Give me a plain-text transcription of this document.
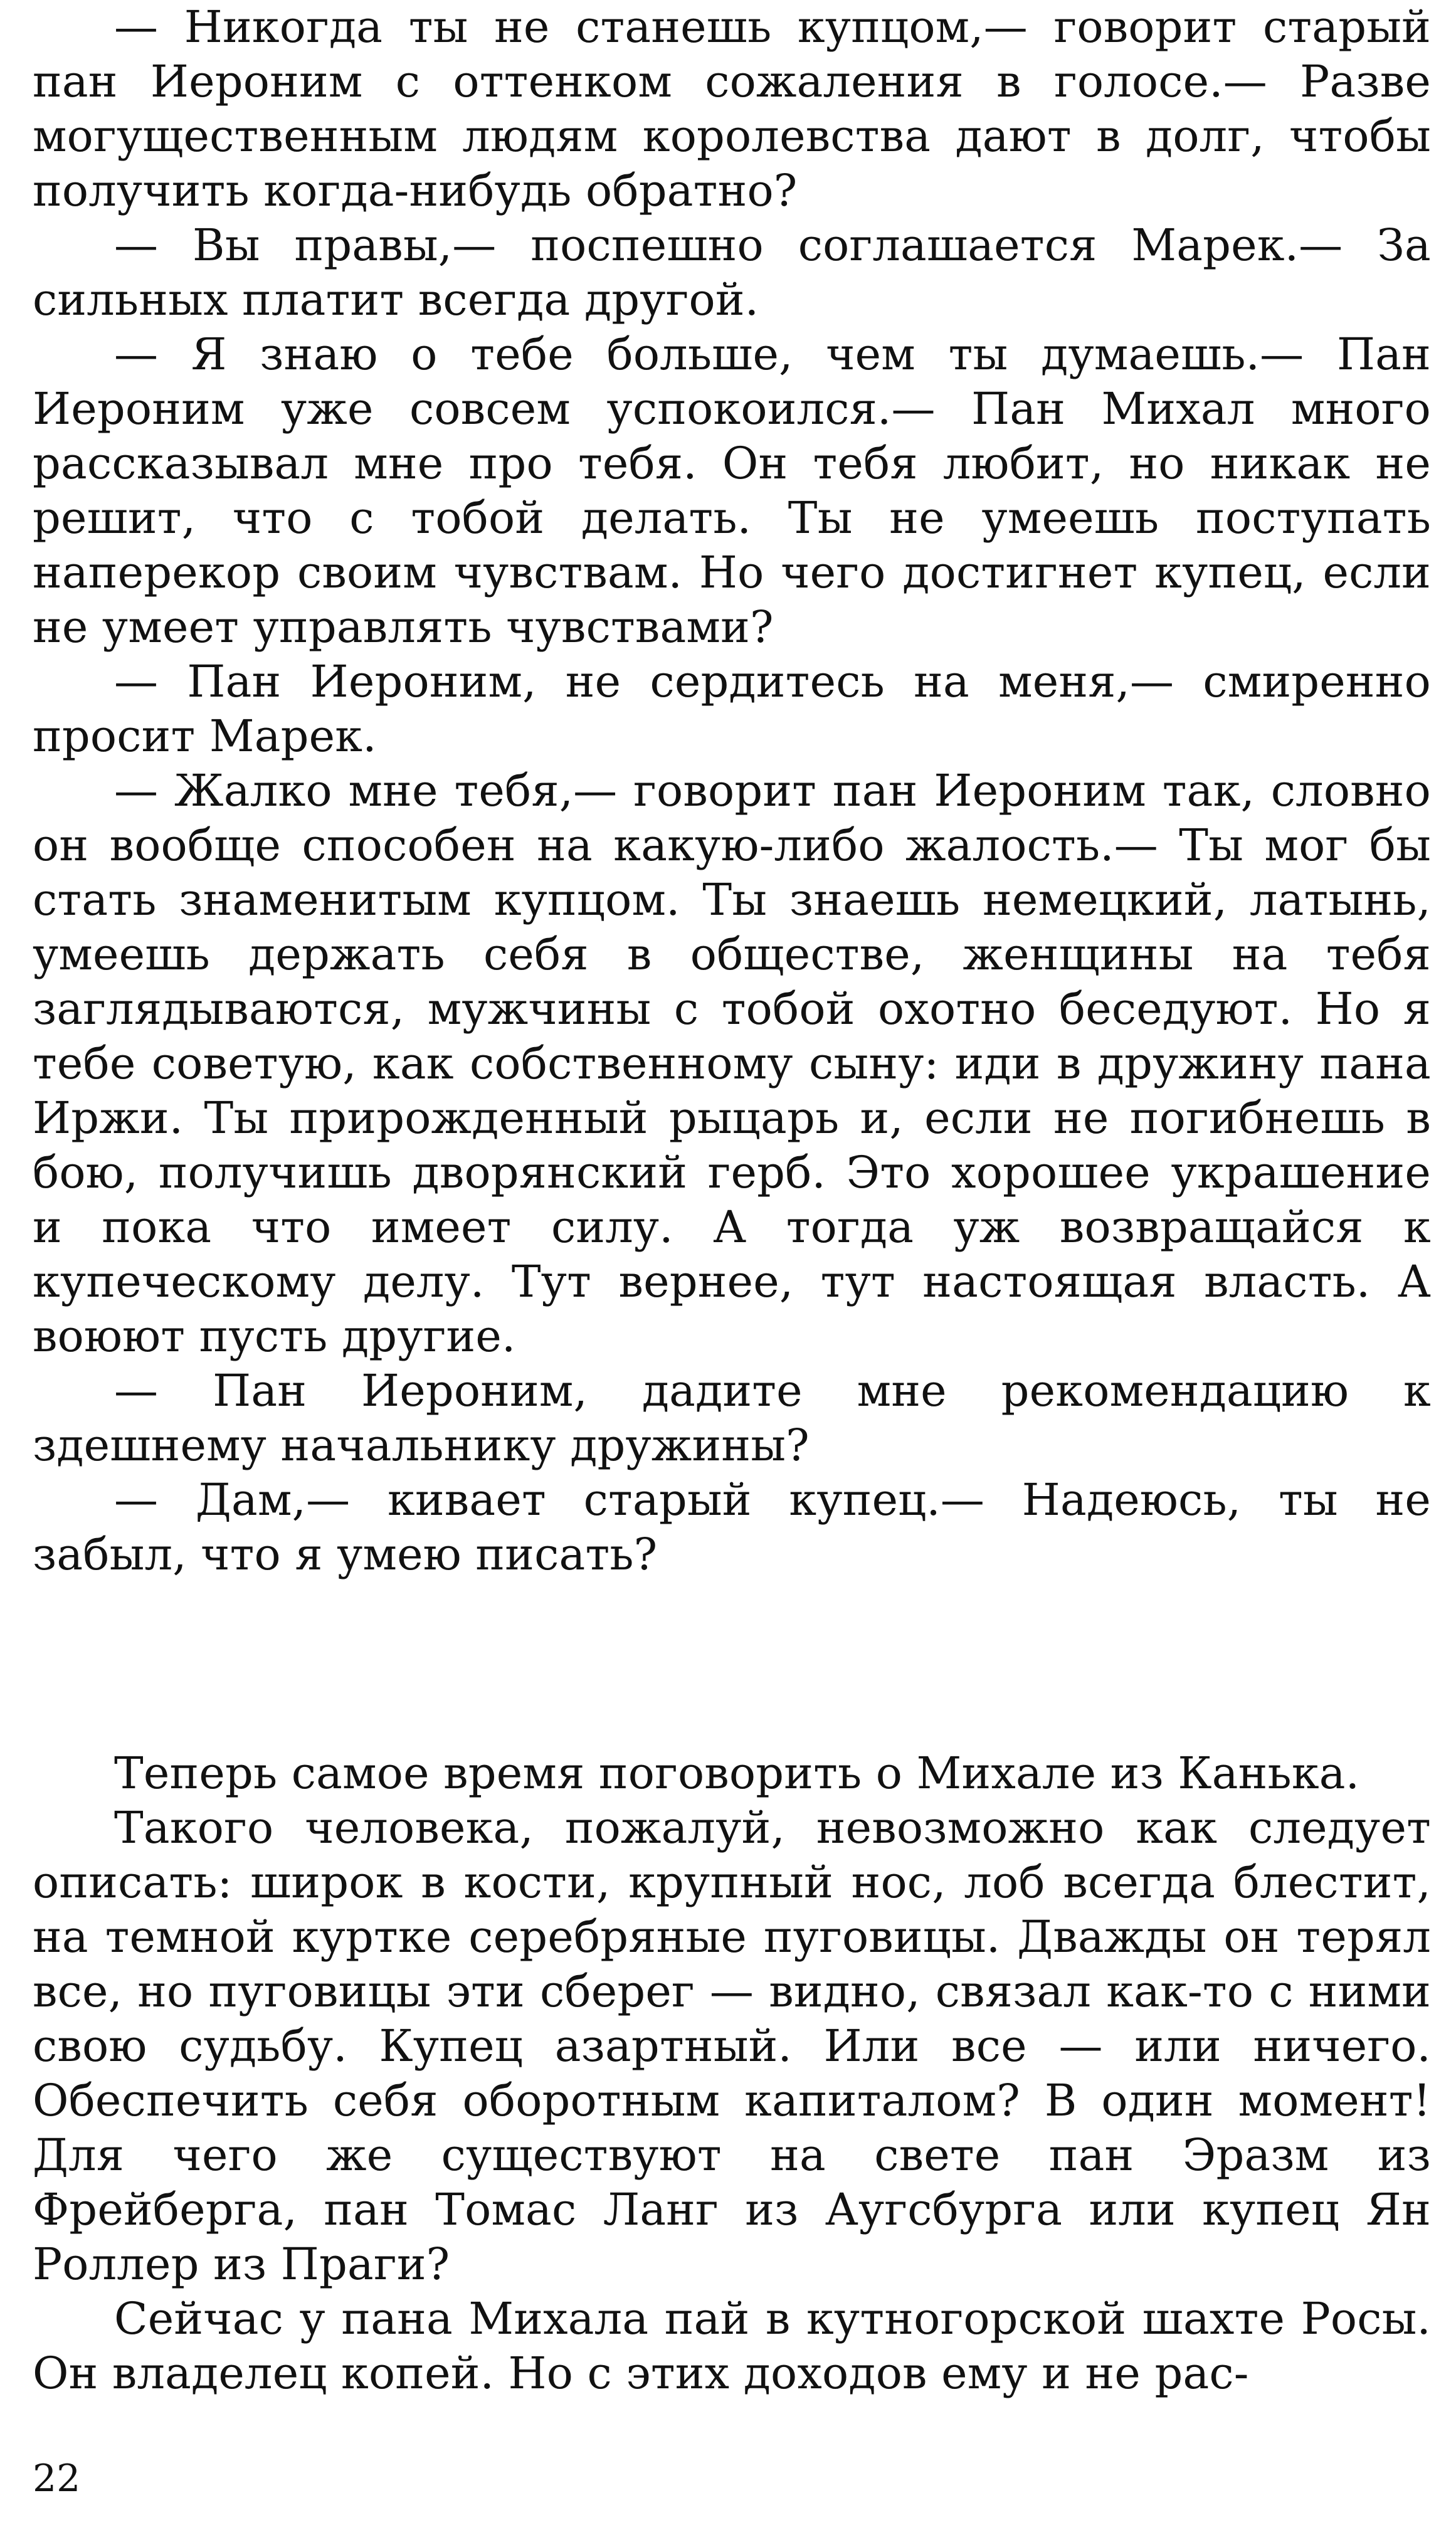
— Никогда ты не станешь купцом,— говорит старый пан Иероним с оттенком сожаления в голосе.— Разве могущественным людям королевства дают в долг, чтобы получить когда-нибудь обратно?

— Вы правы,— поспешно соглашается Марек.— За сильных платит всегда другой.

— Я знаю о тебе больше, чем ты думаешь.— Пан Иероним уже совсем успокоился.— Пан Михал много рассказывал мне про тебя. Он тебя любит, но никак не решит, что с тобой делать. Ты не умеешь поступать наперекор своим чувствам. Но чего достигнет купец, если не умеет управлять чувствами?

— Пан Иероним, не сердитесь на меня,— смиренно просит Марек.

— Жалко мне тебя,— говорит пан Иероним так, словно он вообще способен на какую-либо жалость.— Ты мог бы стать знаменитым купцом. Ты знаешь немецкий, латынь, умеешь держать себя в обществе, женщины на тебя заглядываются, мужчины с тобой охотно беседуют. Но я тебе советую, как собственному сыну: иди в дружину пана Иржи. Ты прирожденный рыцарь и, если не погибнешь в бою, получишь дворянский герб. Это хорошее украшение и пока что имеет силу. А тогда уж возвращайся к купеческому делу. Тут вернее, тут настоящая власть. А воюют пусть другие.

— Пан Иероним, дадите мне рекомендацию к здешнему начальнику дружины?

— Дам,— кивает старый купец.— Надеюсь, ты не забыл, что я умею писать?

Теперь самое время поговорить о Михале из Канька.

Такого человека, пожалуй, невозможно как следует описать: широк в кости, крупный нос, лоб всегда блестит, на темной куртке серебряные пуговицы. Дважды он терял все, но пуговицы эти сберег — видно, связал как-то с ними свою судьбу. Купец азартный. Или все — или ничего. Обеспечить себя оборотным капиталом? В один момент! Для чего же существуют на свете пан Эразм из Фрейберга, пан Томас Ланг из Аугсбурга или купец Ян Роллер из Праги?

Сейчас у пана Михала пай в кутногорской шахте Росы. Он владелец копей. Но с этих доходов ему и не рас-

22
